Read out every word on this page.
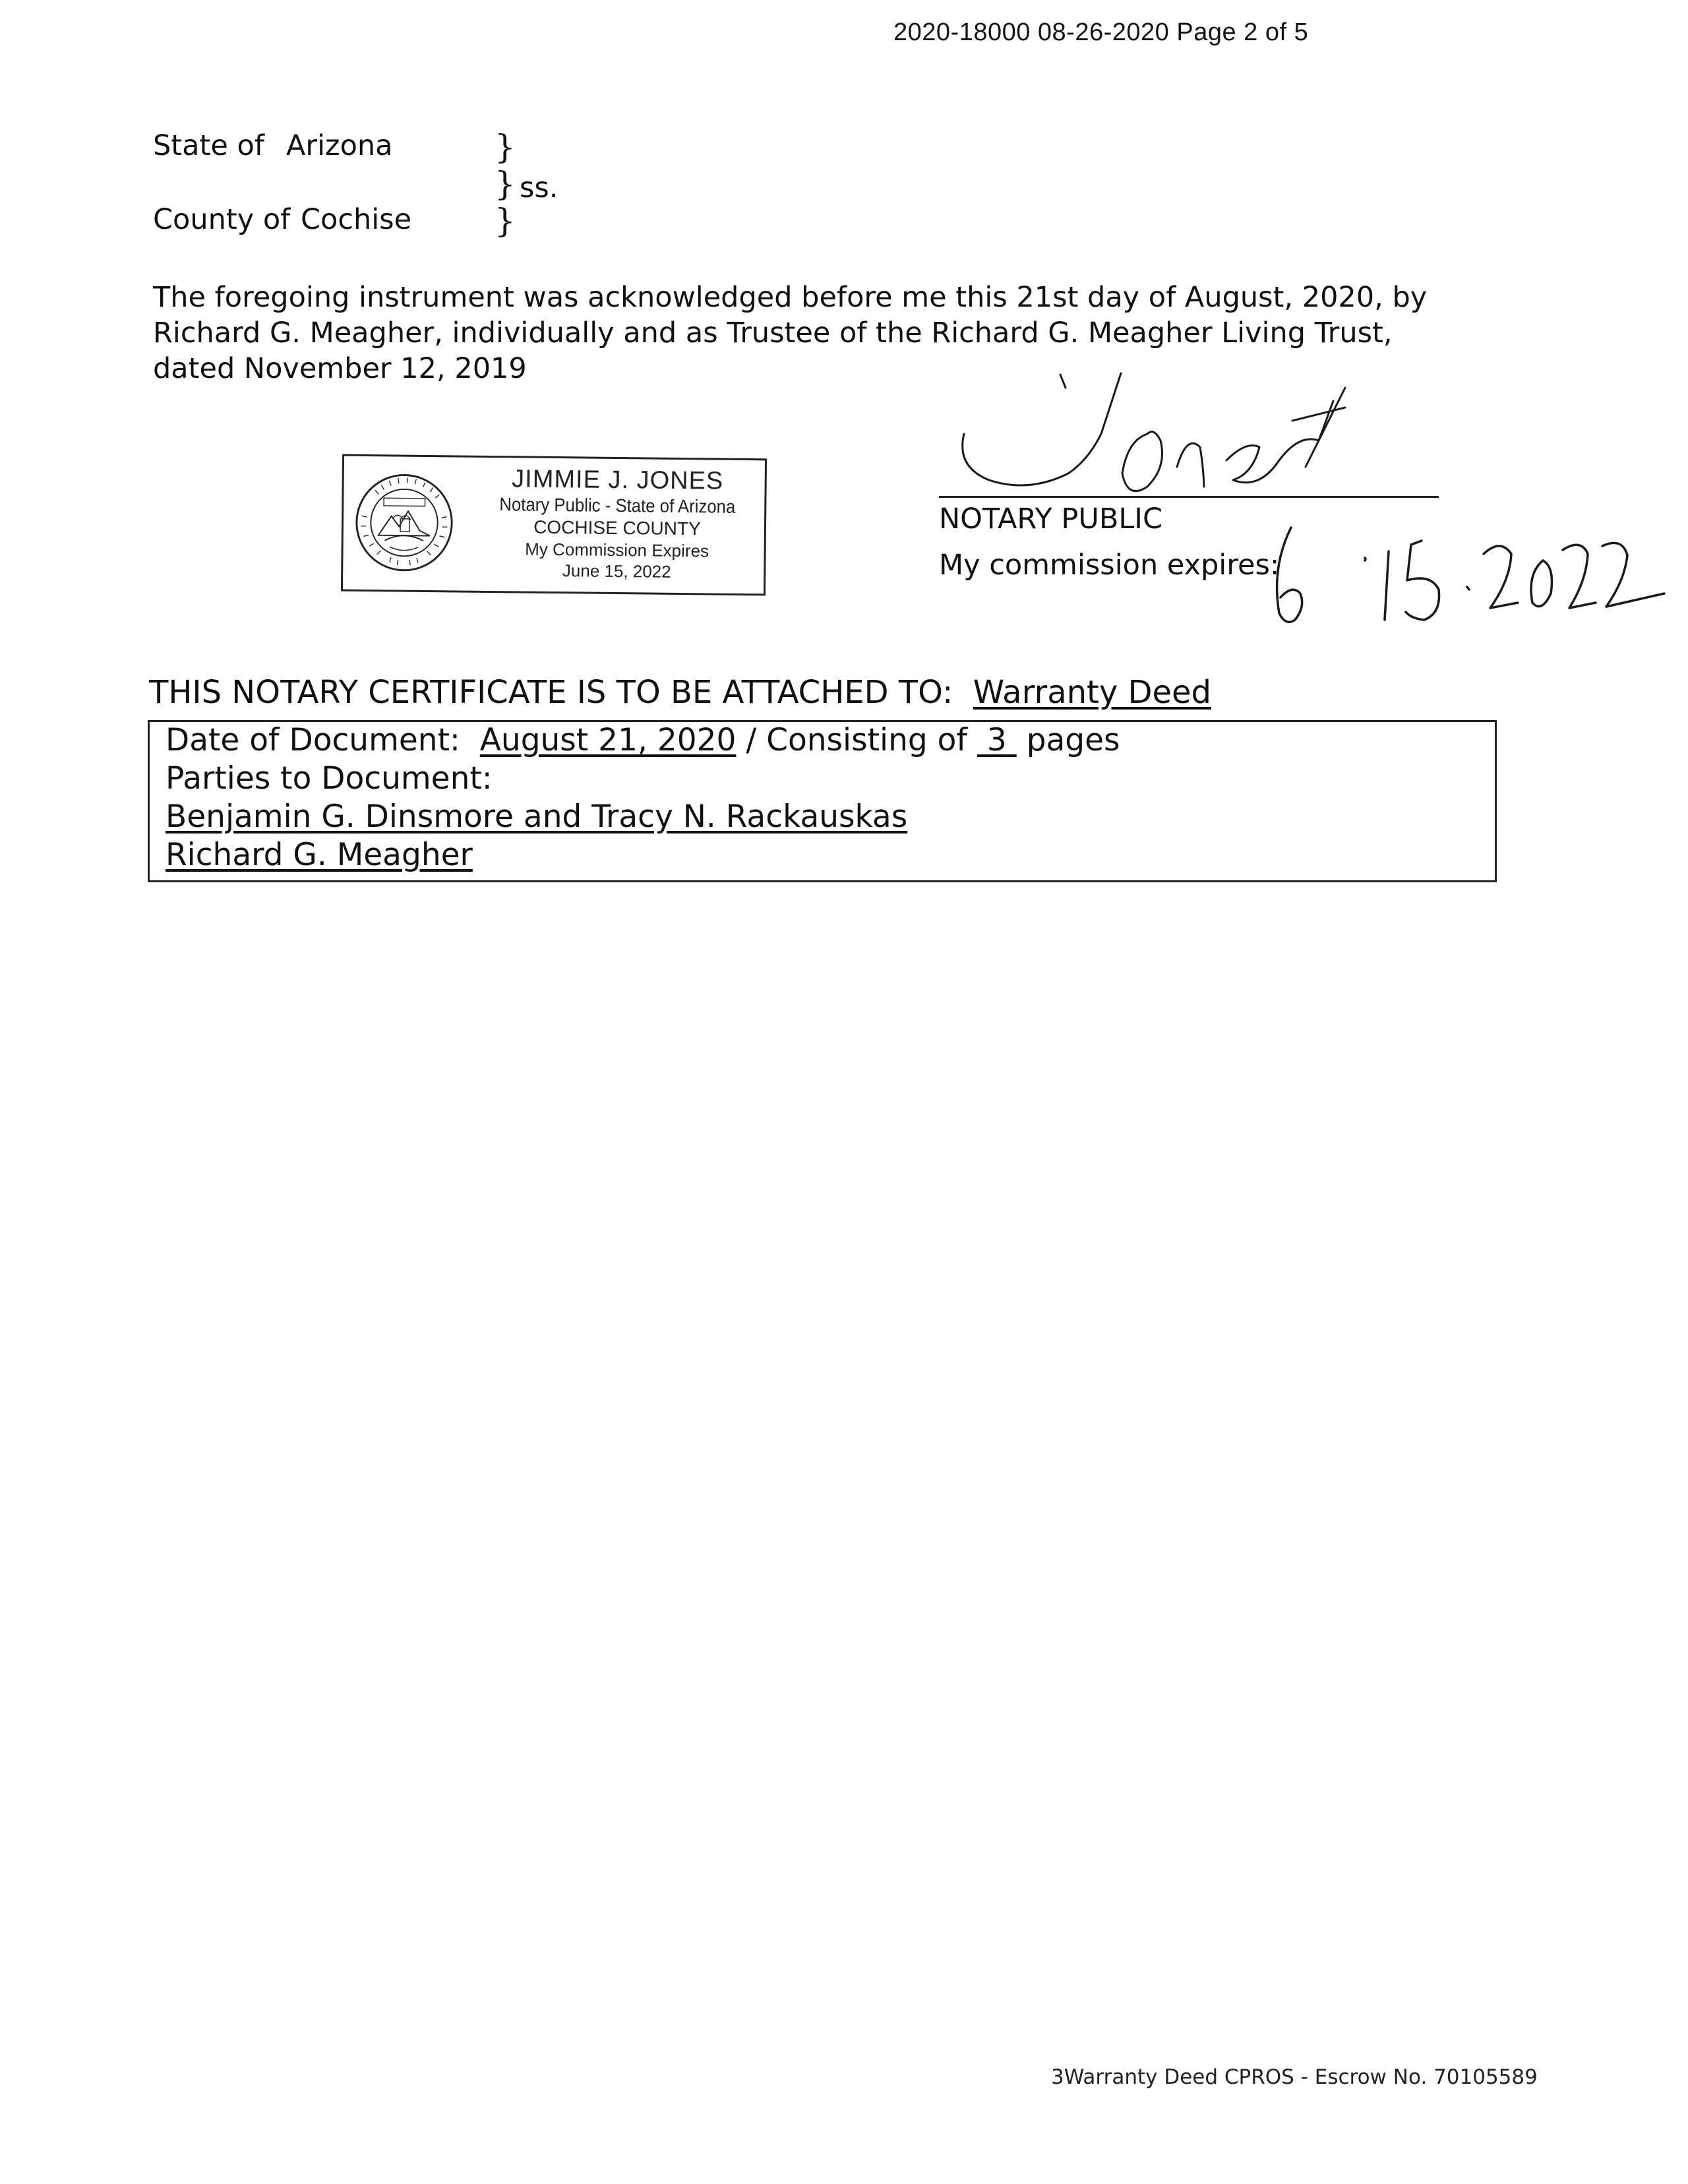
2020-18000 08-26-2020 Page 2 of 5
State of Arizona
County of Cochise
}
} ss.
}
The foregoing instrument was acknowledged before me this 21st day of August, 2020, by Richard G. Meagher, individually and as Trustee of the Richard G. Meagher Living Trust, dated November 12, 2019
JIMMIE J. JONES
Notary Public - State of Arizona
COCHISE COUNTY
My Commission Expires
June 15, 2022
NOTARY PUBLIC
My commission expires:
THIS NOTARY CERTIFICATE IS TO BE ATTACHED TO: Warranty Deed
Date of Document: August 21, 2020 / Consisting of 3 pages
Parties to Document:
Benjamin G. Dinsmore and Tracy N. Rackauskas
Richard G. Meagher
3Warranty Deed CPROS - Escrow No. 70105589
